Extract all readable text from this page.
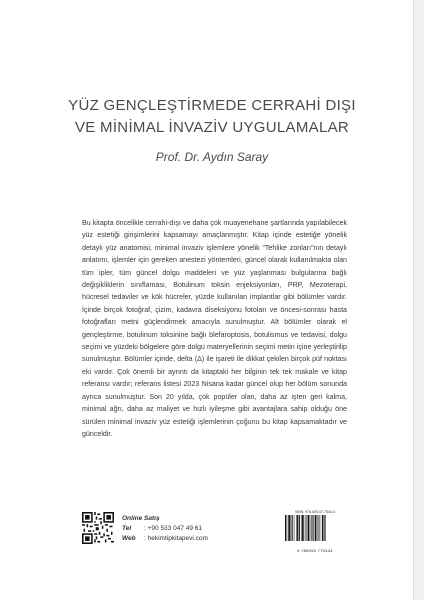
YÜZ GENÇLEŞTİRMEDE CERRAHİ DIŞI
VE MİNİMAL İNVAZİV UYGULAMALAR
Prof. Dr. Aydın Saray

Bu kitapta öncelikle cerrahi-dışı ve daha çok muayenehane şartlarında yapılabilecek yüz estetiği girişimlerini kapsamayı amaçlanmıştır. Kitap içinde estetiğe yönelik detaylı yüz anatomisi, minimal invaziv işlemlere yönelik “Tehlike zonları”nın detaylı anlatımı, işlemler için gereken anestezi yöntemleri, güncel olarak kullanılmakta olan tüm ipler, tüm güncel dolgu maddeleri ve yüz yaşlanması bulgularına bağlı değişikliklerin sınıflaması, Botulinum toksin enjeksiyonları, PRP, Mezoterapi, hücresel tedaviler ve kök hücreler, yüzde kullanılan implantlar gibi bölümler vardır. İçinde birçok fotoğraf, çizim, kadavra diseksiyonu fotoları ve öncesi-sonrası hasta fotoğrafları metni güçlendirmek amacıyla sunulmuştur. Alt bölümler olarak el gençleştirme, botulinum toksinine bağlı blefaroptosis, botulismus ve tedavisi, dolgu seçimi ve yüzdeki bölgelere göre dolgu materyellerinin seçimi metin içine yerleştirilip sunulmuştur. Bölümler içinde, delta (Δ) ile işareti ile dikkat çekilen birçok püf noktası eki vardır. Çok önemli bir ayrıntı da kitaptaki her bilginin tek tek makale ve kitap referansı vardır; referans listesi 2023 Nisana kadar güncel olup her bölüm sonunda ayrıca sunulmuştur. Son 20 yılda, çok popüler olan, daha az işten geri kalma, minimal ağrı, daha az maliyet ve hızlı iyileşme gibi avantajlara sahip olduğu öne sürülen minimal invaziv yüz estetiği işlemlerinin çoğunu bu kitap kapsamaktadır ve günceldir.

Online Satış
Tel : +90 533 047 49 61
Web : hekimtipkitapevi.com
ISBN: 978-605-07-7044-4
9 786050 770444
